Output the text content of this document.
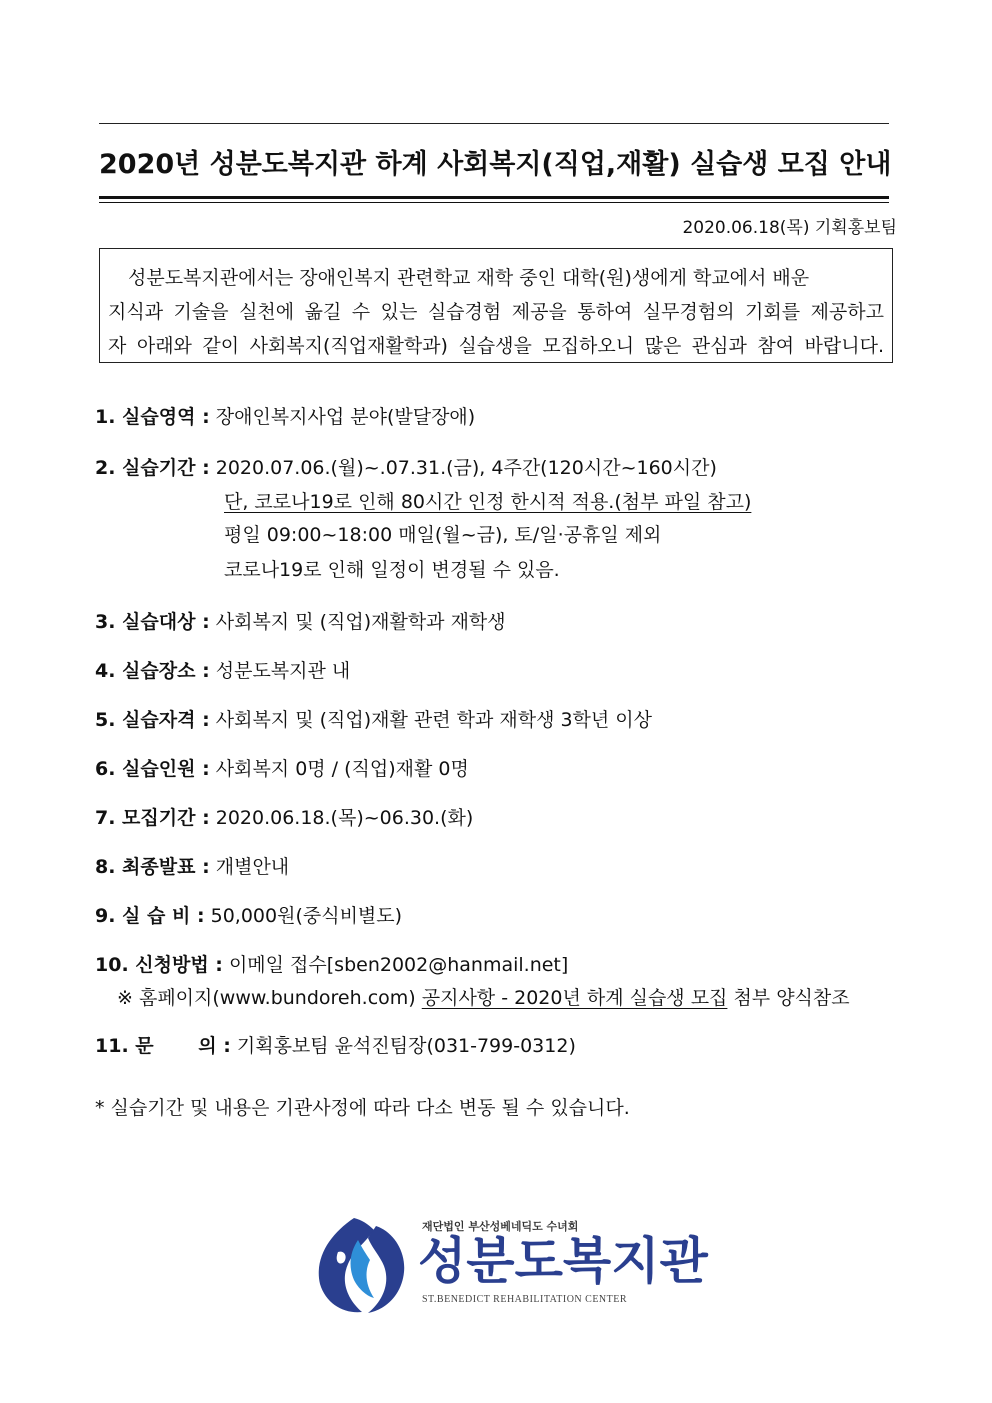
2020년 성분도복지관 하계 사회복지(직업,재활) 실습생 모집 안내
2020.06.18(목) 기획홍보팀
성분도복지관에서는 장애인복지 관련학교 재학 중인 대학(원)생에게 학교에서 배운
지식과 기술을 실천에 옮길 수 있는 실습경험 제공을 통하여 실무경험의 기회를 제공하고
자 아래와 같이 사회복지(직업재활학과) 실습생을 모집하오니 많은 관심과 참여 바랍니다.
1. 실습영역 : 장애인복지사업 분야(발달장애)
2. 실습기간 : 2020.07.06.(월)~.07.31.(금), 4주간(120시간~160시간)
단, 코로나19로 인해 80시간 인정 한시적 적용.(첨부 파일 참고)
평일 09:00~18:00 매일(월~금), 토/일·공휴일 제외
코로나19로 인해 일정이 변경될 수 있음.
3. 실습대상 : 사회복지 및 (직업)재활학과 재학생
4. 실습장소 : 성분도복지관 내
5. 실습자격 : 사회복지 및 (직업)재활 관련 학과 재학생 3학년 이상
6. 실습인원 : 사회복지 0명 / (직업)재활 0명
7. 모집기간 : 2020.06.18.(목)~06.30.(화)
8. 최종발표 : 개별안내
9. 실 습 비 : 50,000원(중식비별도)
10. 신청방법 : 이메일 접수[sben2002@hanmail.net]
※ 홈페이지(www.bundoreh.com) 공지사항 - 2020년 하계 실습생 모집 첨부 양식참조
11. 문　 　의 : 기획홍보팀 윤석진팀장(031-799-0312)
* 실습기간 및 내용은 기관사정에 따라 다소 변동 될 수 있습니다.
재단법인 부산성베네딕도 수녀회
성분도복지관
ST.BENEDICT REHABILITATION CENTER
